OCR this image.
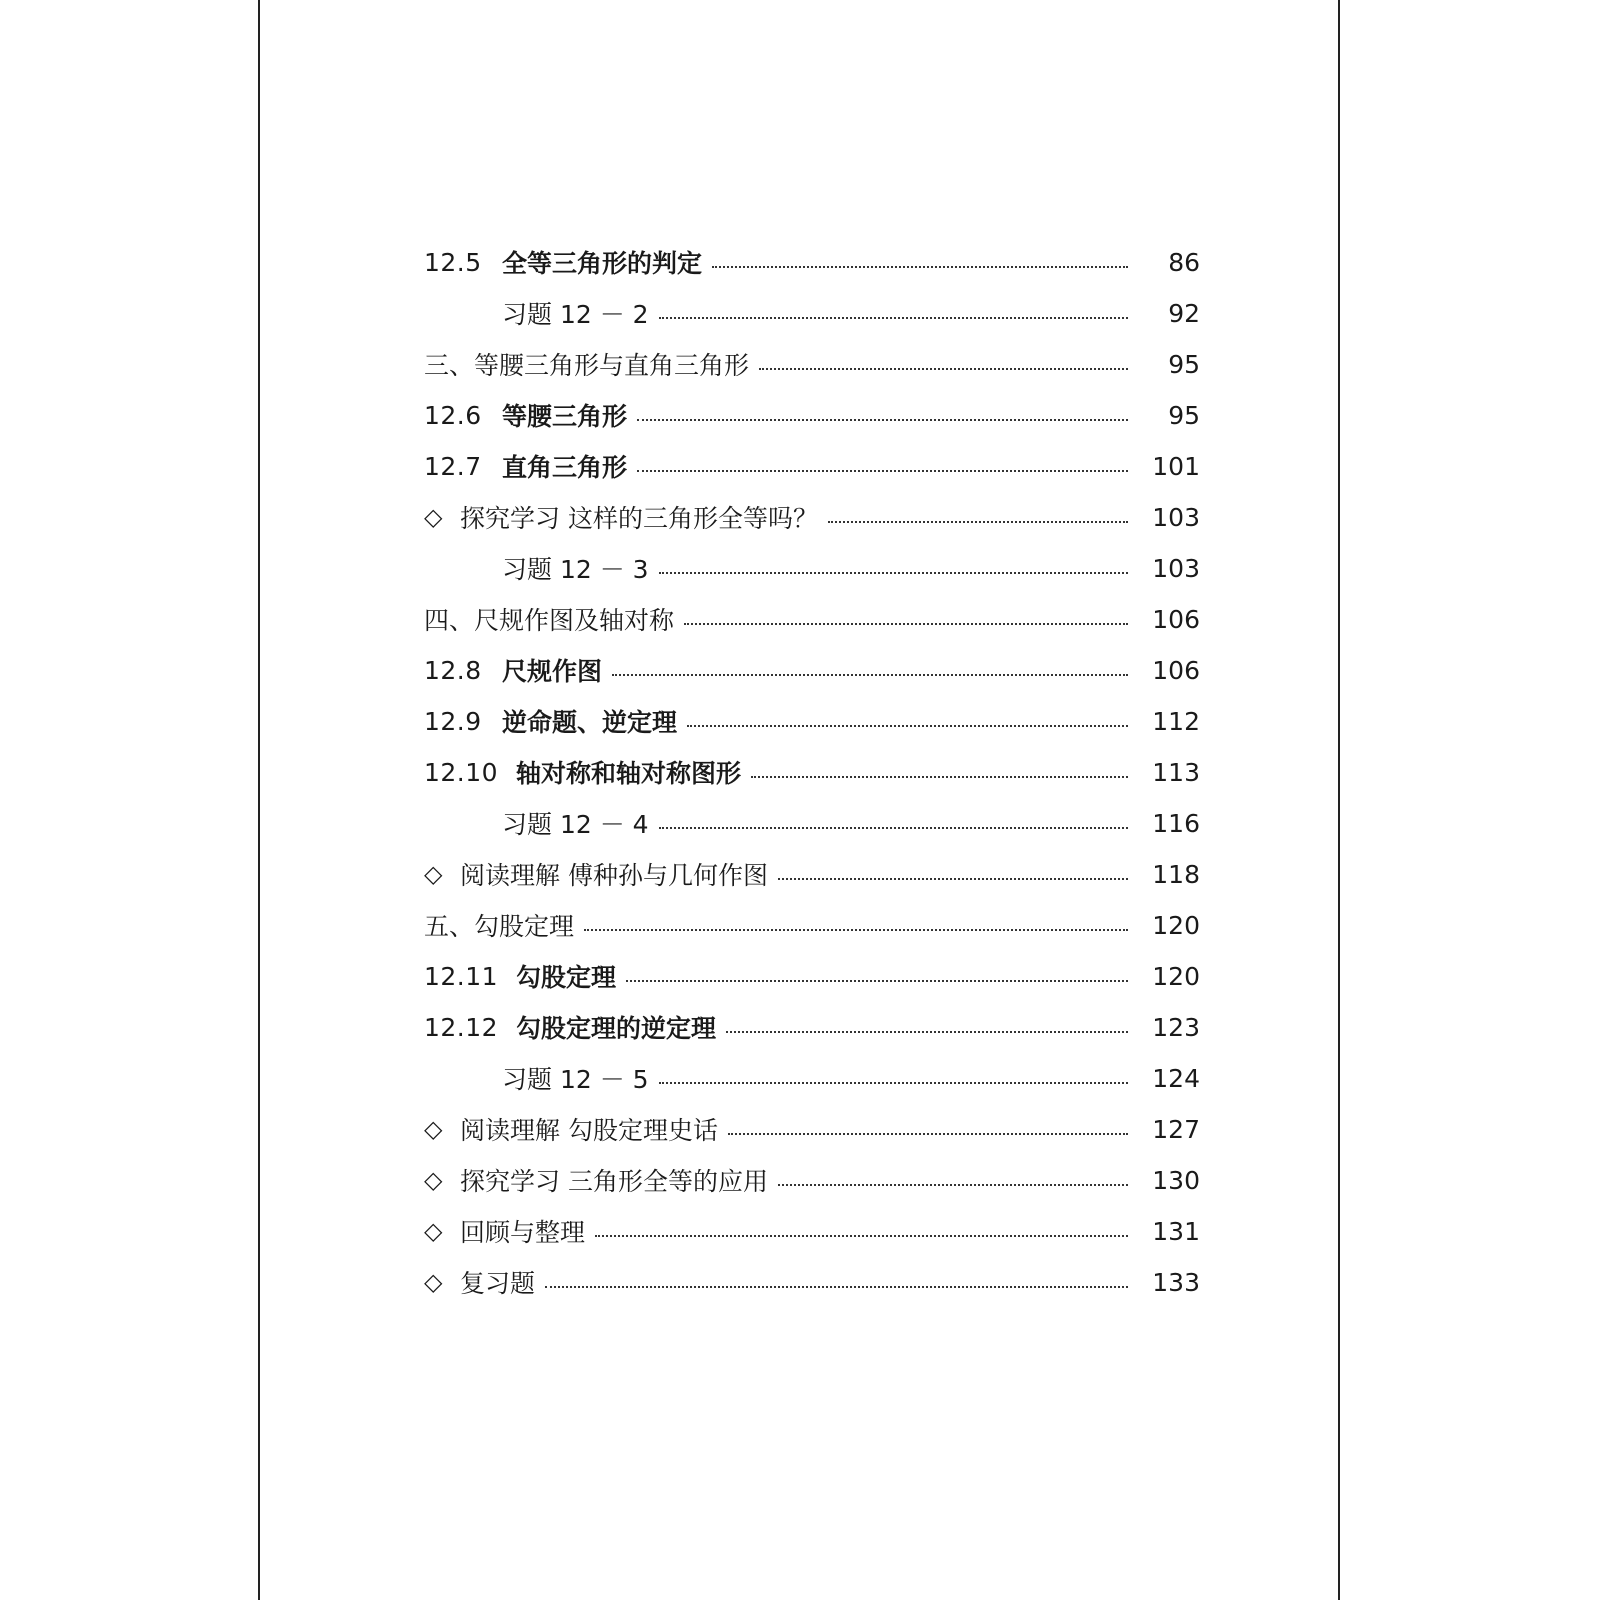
12.5 全等三角形的判定	86
习题 12 － 2	92
三、等腰三角形与直角三角形	95
12.6 等腰三角形	95
12.7 直角三角形	101
◇ 探究学习 这样的三角形全等吗？	103
习题 12 － 3	103
四、尺规作图及轴对称	106
12.8 尺规作图	106
12.9 逆命题、逆定理	112
12.10 轴对称和轴对称图形	113
习题 12 － 4	116
◇ 阅读理解 傅种孙与几何作图	118
五、勾股定理	120
12.11 勾股定理	120
12.12 勾股定理的逆定理	123
习题 12 － 5	124
◇ 阅读理解 勾股定理史话	127
◇ 探究学习 三角形全等的应用	130
◇ 回顾与整理	131
◇ 复习题	133
